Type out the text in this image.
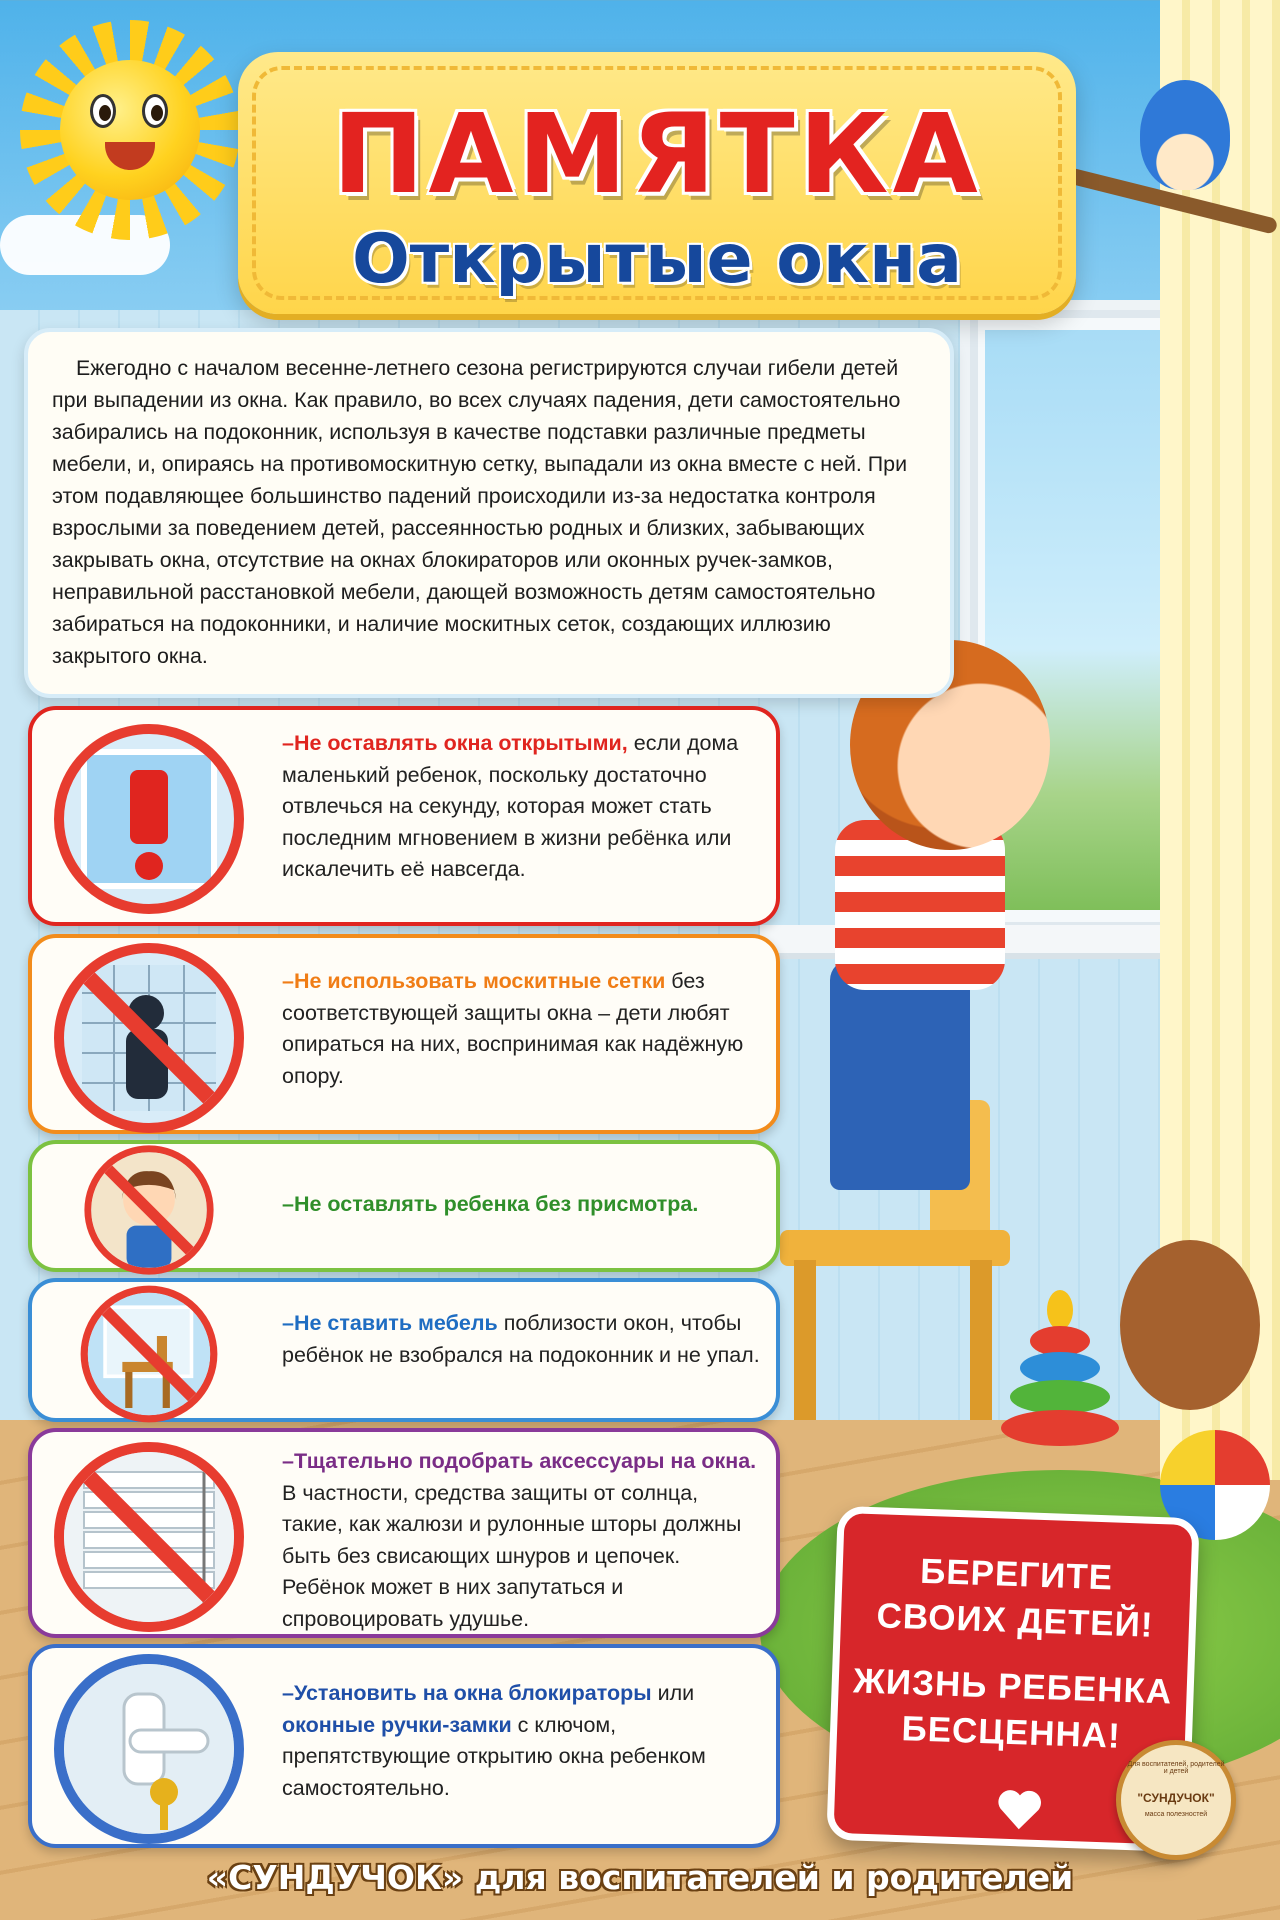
ПАМЯТКА
Открытые окна

Ежегодно с началом весенне-летнего сезона регистрируются случаи гибели детей при выпадении из окна. Как правило, во всех случаях падения, дети самостоятельно забирались на подоконник, используя в качестве подставки различные предметы мебели, и, опираясь на противомоскитную сетку, выпадали из окна вместе с ней. При этом подавляющее большинство падений происходили из-за недостатка контроля взрослыми за поведением детей, рассеянностью родных и близких, забывающих закрывать окна, отсутствие на окнах блокираторов или оконных ручек-замков, неправильной расстановкой мебели, дающей возможность детям самостоятельно забираться на подоконники, и наличие москитных сеток, создающих иллюзию закрытого окна.

–Не оставлять окна открытыми, если дома маленький ребенок, поскольку достаточно отвлечься на секунду, которая может стать последним мгновением в жизни ребёнка или искалечить её навсегда.
–Не использовать москитные сетки без соответствующей защиты окна – дети любят опираться на них, воспринимая как надёжную опору.
–Не оставлять ребенка без присмотра.
–Не ставить мебель поблизости окон, чтобы ребёнок не взобрался на подоконник и не упал.
–Тщательно подобрать аксессуары на окна. В частности, средства защиты от солнца, такие, как жалюзи и рулонные шторы должны быть без свисающих шнуров и цепочек. Ребёнок может в них запутаться и спровоцировать удушье.
–Установить на окна блокираторы или оконные ручки-замки с ключом, препятствующие открытию окна ребенком самостоятельно.
БЕРЕГИТЕ
СВОИХ ДЕТЕЙ!
ЖИЗНЬ РЕБЕНКА
БЕСЦЕННА!
Для воспитателей, родителей и детей
"СУНДУЧОК"
масса полезностей
«СУНДУЧОК» для воспитателей и родителей
